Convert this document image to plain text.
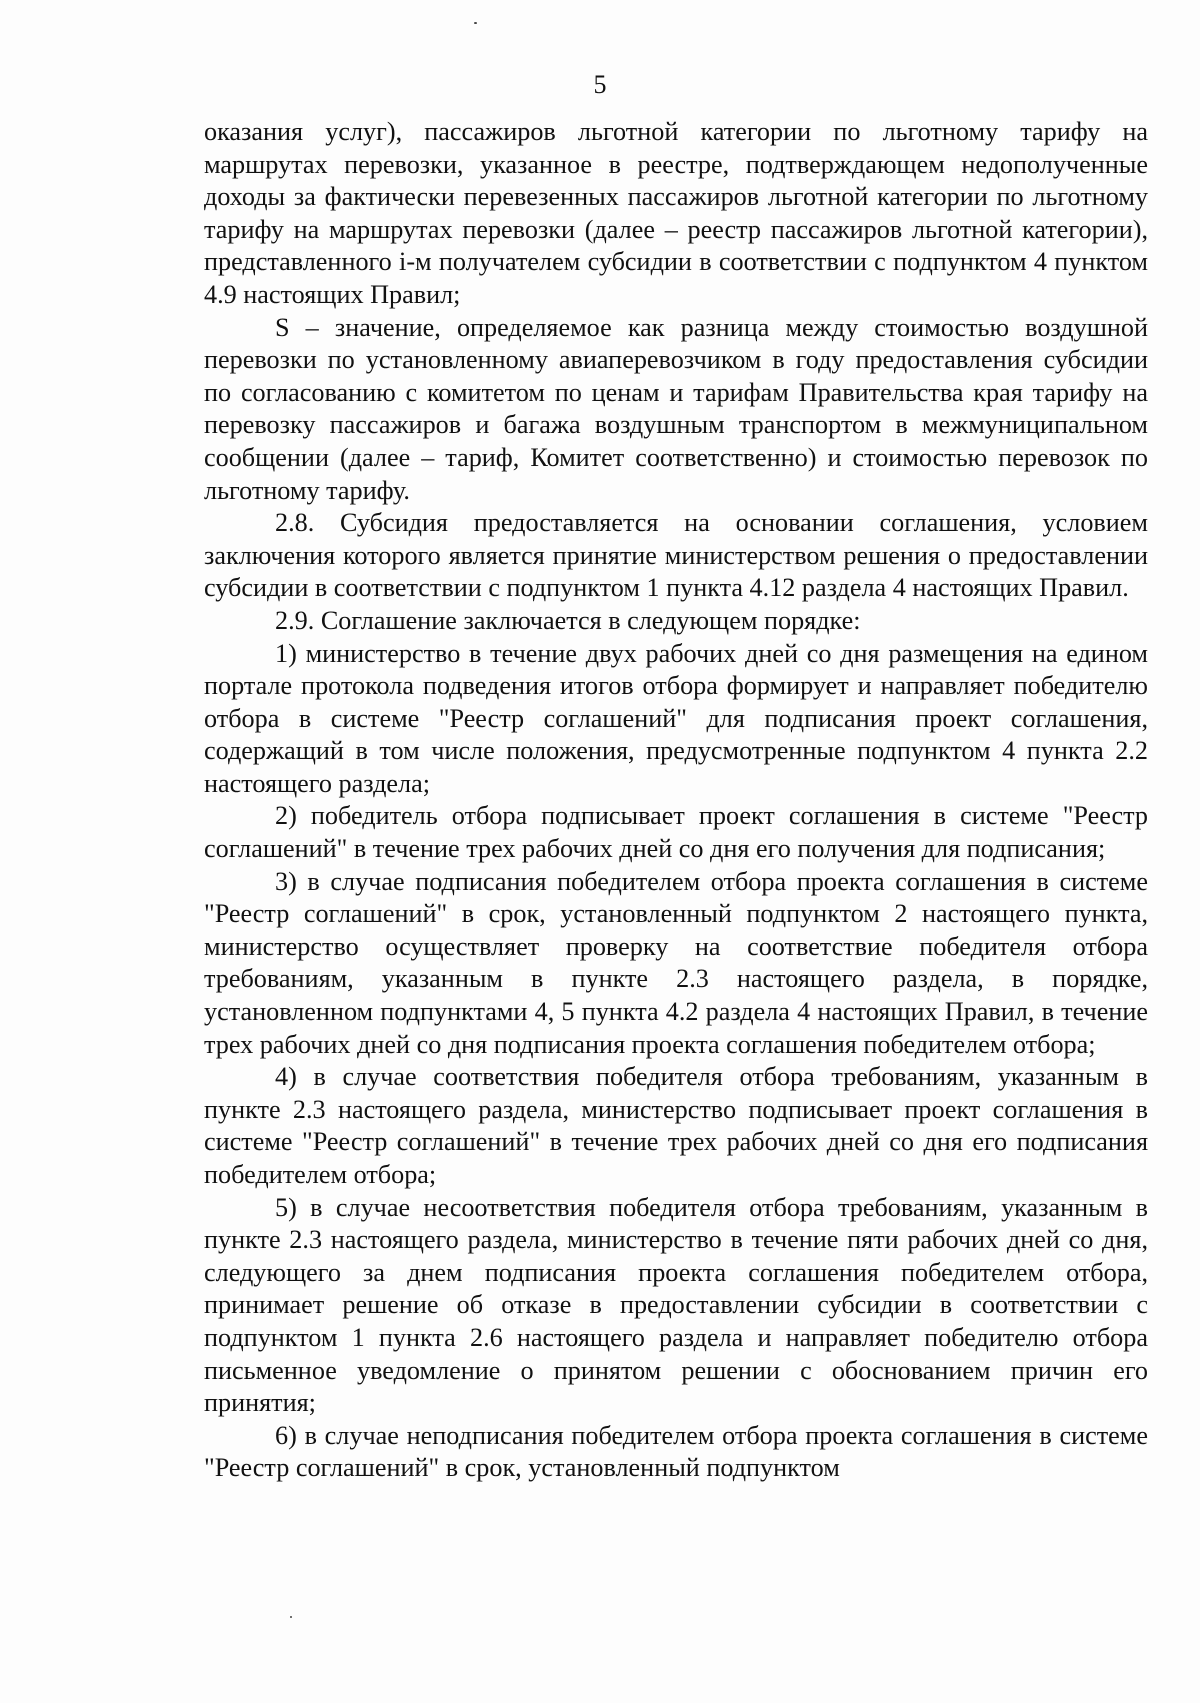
5

оказания услуг), пассажиров льготной категории по льготному тарифу на маршрутах перевозки, указанное в реестре, подтверждающем недополученные доходы за фактически перевезенных пассажиров льготной категории по льготному тарифу на маршрутах перевозки (далее – реестр пассажиров льготной категории), представленного i-м получателем субсидии в соответствии с подпунктом 4 пунктом 4.9 настоящих Правил;

S – значение, определяемое как разница между стоимостью воздушной перевозки по установленному авиаперевозчиком в году предоставления субсидии по согласованию с комитетом по ценам и тарифам Правительства края тарифу на перевозку пассажиров и багажа воздушным транспортом в межмуниципальном сообщении (далее – тариф, Комитет соответственно) и стоимостью перевозок по льготному тарифу.

2.8. Субсидия предоставляется на основании соглашения, условием заключения которого является принятие министерством решения о предоставлении субсидии в соответствии с подпунктом 1 пункта 4.12 раздела 4 настоящих Правил.

2.9. Соглашение заключается в следующем порядке:

1) министерство в течение двух рабочих дней со дня размещения на едином портале протокола подведения итогов отбора формирует и направляет победителю отбора в системе "Реестр соглашений" для подписания проект соглашения, содержащий в том числе положения, предусмотренные подпунктом 4 пункта 2.2 настоящего раздела;

2) победитель отбора подписывает проект соглашения в системе "Реестр соглашений" в течение трех рабочих дней со дня его получения для подписания;

3) в случае подписания победителем отбора проекта соглашения в системе "Реестр соглашений" в срок, установленный подпунктом 2 настоящего пункта, министерство осуществляет проверку на соответствие победителя отбора требованиям, указанным в пункте 2.3 настоящего раздела, в порядке, установленном подпунктами 4, 5 пункта 4.2 раздела 4 настоящих Правил, в течение трех рабочих дней со дня подписания проекта соглашения победителем отбора;

4) в случае соответствия победителя отбора требованиям, указанным в пункте 2.3 настоящего раздела, министерство подписывает проект соглашения в системе "Реестр соглашений" в течение трех рабочих дней со дня его подписания победителем отбора;

5) в случае несоответствия победителя отбора требованиям, указанным в пункте 2.3 настоящего раздела, министерство в течение пяти рабочих дней со дня, следующего за днем подписания проекта соглашения победителем отбора, принимает решение об отказе в предоставлении субсидии в соответствии с подпунктом 1 пункта 2.6 настоящего раздела и направляет победителю отбора письменное уведомление о принятом решении с обоснованием причин его принятия;

6) в случае неподписания победителем отбора проекта соглашения в системе "Реестр соглашений" в срок, установленный подпунктом
